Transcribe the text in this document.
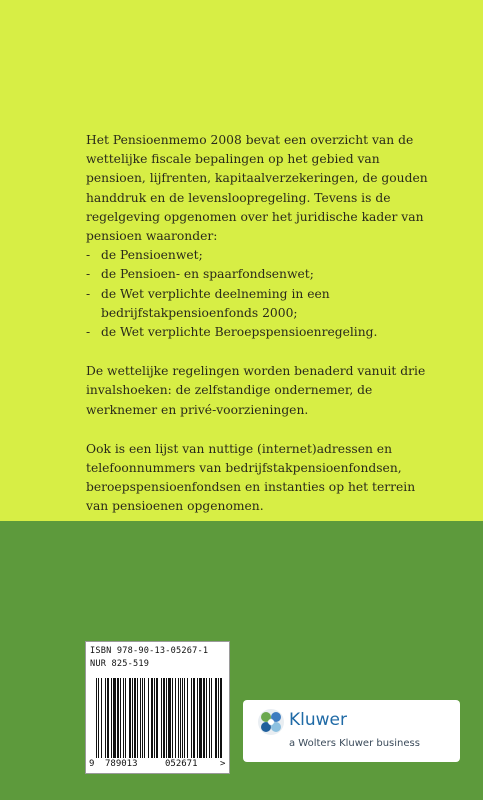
Het Pensioenmemo 2008 bevat een overzicht van de wettelijke fiscale bepalingen op het gebied van pensioen, lijfrenten, kapitaalverzekeringen, de gouden handdruk en de levensloopregeling. Tevens is de regelgeving opgenomen over het juridische kader van pensioen waaronder:

- de Pensioenwet;
- de Pensioen- en spaarfondsenwet;
- de Wet verplichte deelneming in een bedrijfstakpensioenfonds 2000;
- de Wet verplichte Beroepspensioenregeling.

De wettelijke regelingen worden benaderd vanuit drie invalshoeken: de zelfstandige ondernemer, de werknemer en privé-voorzieningen.

Ook is een lijst van nuttige (internet)adressen en telefoonnummers van bedrijfstakpensioenfondsen, beroepspensioenfondsen en instanties op het terrein van pensioenen opgenomen.

ISBN 978-90-13-05267-1
NUR 825-519
9 789013	052671 >
Kluwer
a Wolters Kluwer business
